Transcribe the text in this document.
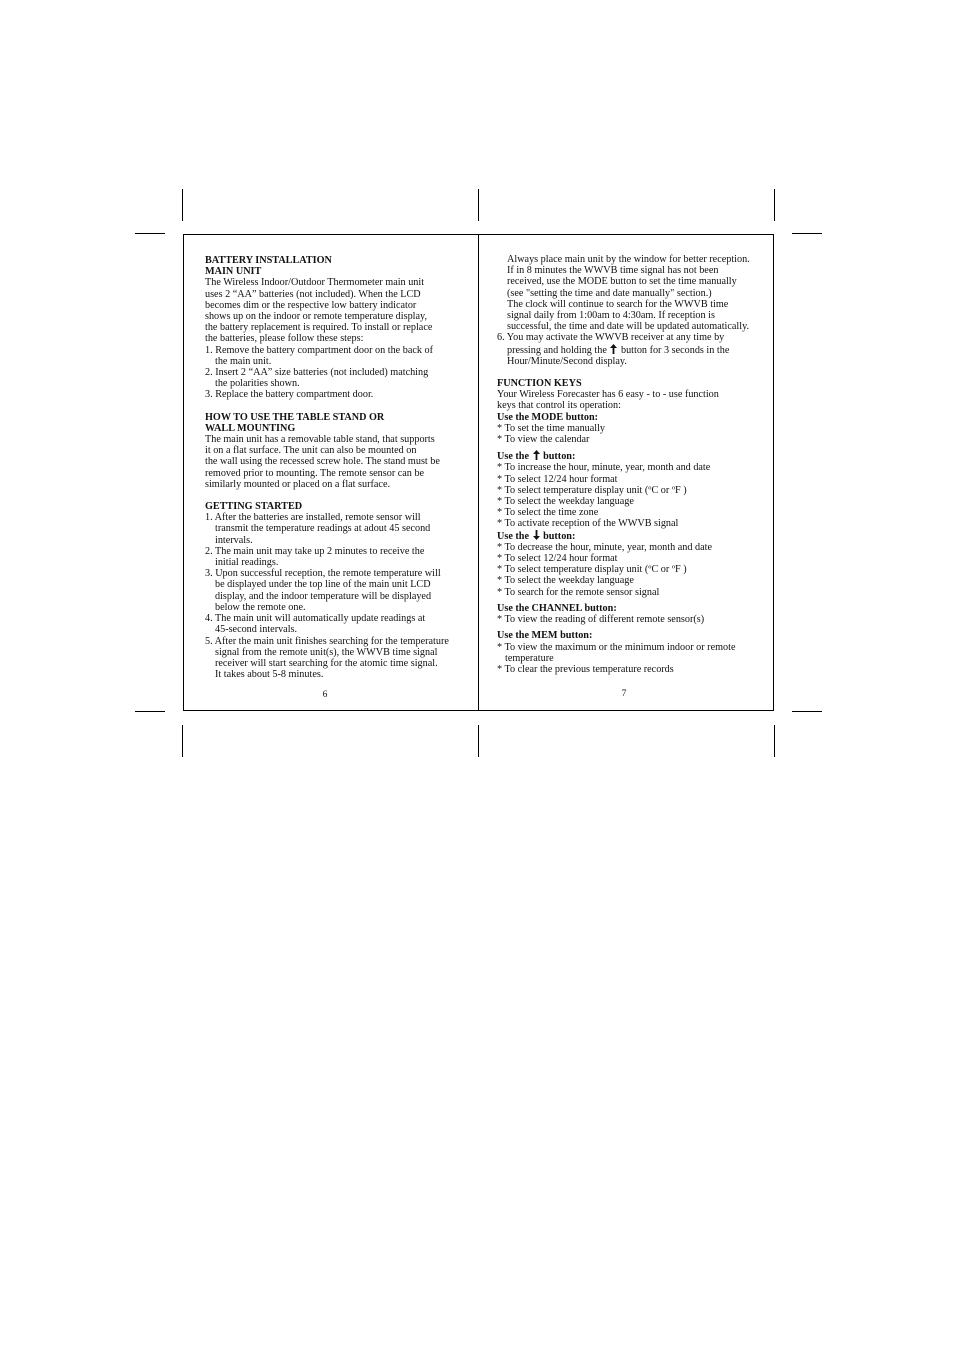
BATTERY INSTALLATION
MAIN UNIT
The Wireless Indoor/Outdoor Thermometer main unit
uses 2 “AA” batteries (not included). When the LCD
becomes dim or the respective low battery indicator
shows up on the indoor or remote temperature display,
the battery replacement is required. To install or replace
the batteries, please follow these steps:
1. Remove the battery compartment door on the back of
the main unit.
2. Insert 2 “AA” size batteries (not included) matching
the polarities shown.
3. Replace the battery compartment door.
HOW TO USE THE TABLE STAND OR
WALL MOUNTING
The main unit has a removable table stand, that supports
it on a flat surface. The unit can also be mounted on
the wall using the recessed screw hole. The stand must be
removed prior to mounting. The remote sensor can be
similarly mounted or placed on a flat surface.
GETTING STARTED
1. After the batteries are installed, remote sensor will
transmit the temperature readings at adout 45 second
intervals.
2. The main unit may take up 2 minutes to receive the
initial readings.
3. Upon successful reception, the remote temperature will
be displayed under the top line of the main unit LCD
display, and the indoor temperature will be displayed
below the remote one.
4. The main unit will automatically update readings at
45-second intervals.
5. After the main unit finishes searching for the temperature
signal from the remote unit(s), the WWVB time signal
receiver will start searching for the atomic time signal.
It takes about 5-8 minutes.
6
Always place main unit by the window for better reception.
If in 8 minutes the WWVB time signal has not been
received, use the MODE button to set the time manually
(see "setting the time and date manually" section.)
The clock will continue to search for the WWVB time
signal daily from 1:00am to 4:30am. If reception is
successful, the time and date will be updated automatically.
6. You may activate the WWVB receiver at any time by
pressing and holding the button for 3 seconds in the
Hour/Minute/Second display.
FUNCTION KEYS
Your Wireless Forecaster has 6 easy - to - use function
keys that control its operation:
Use the MODE button:
* To set the time manually
* To view the calendar
Use the button:
* To increase the hour, minute, year, month and date
* To select 12/24 hour format
* To select temperature display unit (ºC or ºF )
* To select the weekday language
* To select the time zone
* To activate reception of the WWVB signal
Use the button:
* To decrease the hour, minute, year, month and date
* To select 12/24 hour format
* To select temperature display unit (ºC or ºF )
* To select the weekday language
* To search for the remote sensor signal
Use the CHANNEL button:
* To view the reading of different remote sensor(s)
Use the MEM button:
* To view the maximum or the minimum indoor or remote
temperature
* To clear the previous temperature records
7
